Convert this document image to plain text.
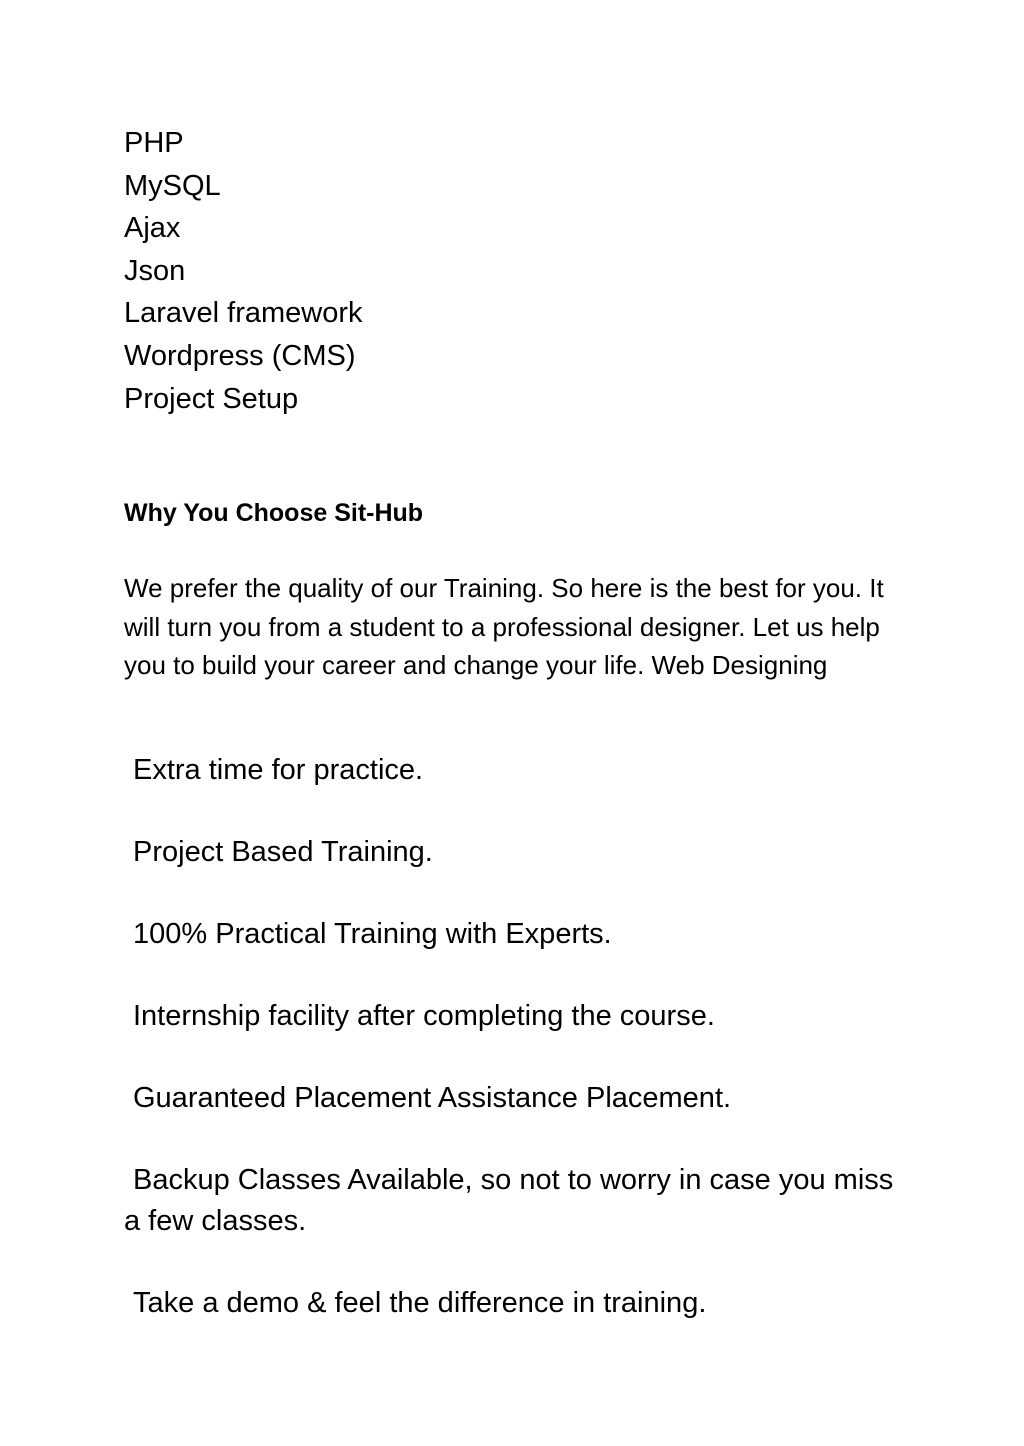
PHP
MySQL
Ajax
Json
Laravel framework
Wordpress (CMS)
Project Setup
Why You Choose Sit-Hub

We prefer the quality of our Training. So here is the best for you. It will turn you from a student to a professional designer. Let us help you to build your career and change your life. Web Designing

Extra time for practice.
Project Based Training.
100% Practical Training with Experts.
Internship facility after completing the course.
Guaranteed Placement Assistance Placement.
Backup Classes Available, so not to worry in case you miss a few classes.
Take a demo & feel the difference in training.
